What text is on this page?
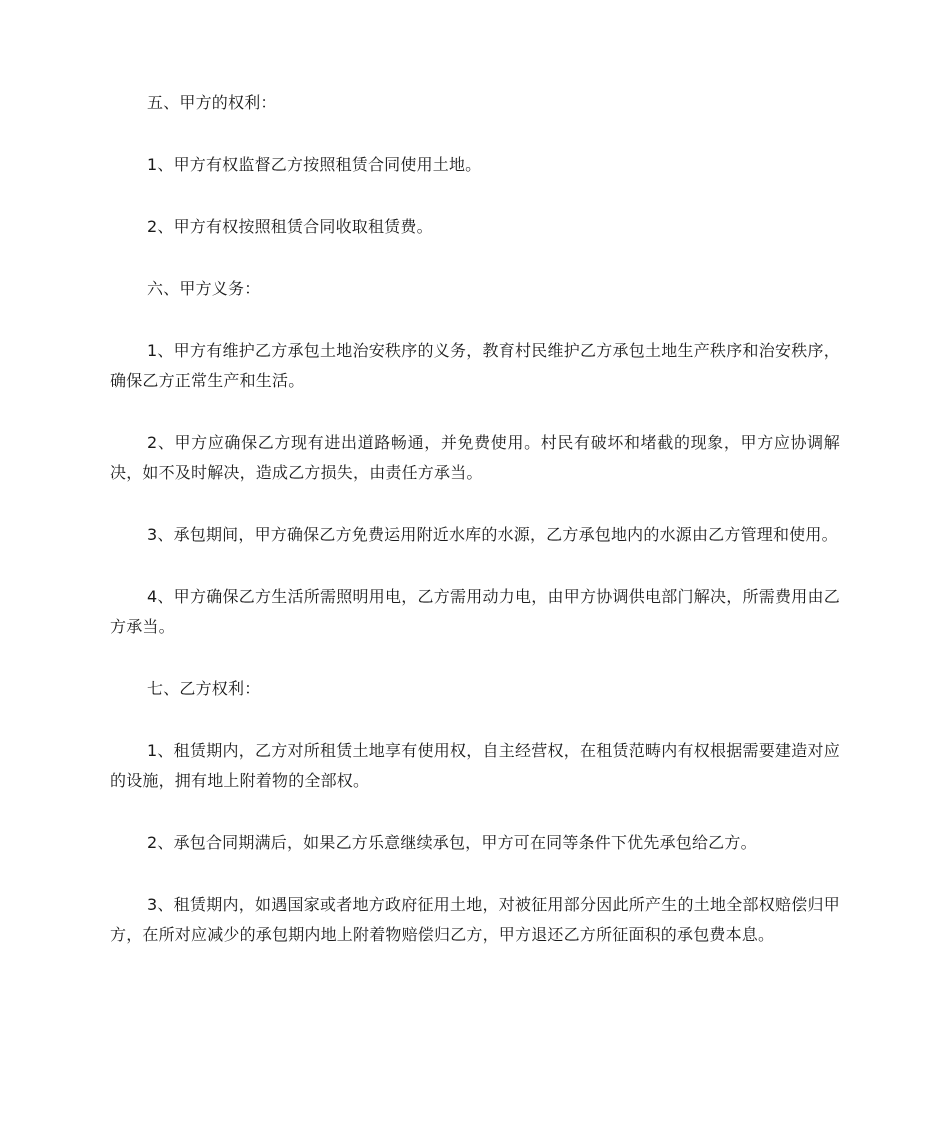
五、甲方的权利：

1、甲方有权监督乙方按照租赁合同使用土地。

2、甲方有权按照租赁合同收取租赁费。

六、甲方义务：

1、甲方有维护乙方承包土地治安秩序的义务，教育村民维护乙方承包土地生产秩序和治安秩序，确保乙方正常生产和生活。

2、甲方应确保乙方现有进出道路畅通，并免费使用。村民有破坏和堵截的现象，甲方应协调解决，如不及时解决，造成乙方损失，由责任方承当。

3、承包期间，甲方确保乙方免费运用附近水库的水源，乙方承包地内的水源由乙方管理和使用。

4、甲方确保乙方生活所需照明用电，乙方需用动力电，由甲方协调供电部门解决，所需费用由乙方承当。

七、乙方权利：

1、租赁期内，乙方对所租赁土地享有使用权，自主经营权，在租赁范畴内有权根据需要建造对应的设施，拥有地上附着物的全部权。

2、承包合同期满后，如果乙方乐意继续承包，甲方可在同等条件下优先承包给乙方。

3、租赁期内，如遇国家或者地方政府征用土地，对被征用部分因此所产生的土地全部权赔偿归甲方，在所对应减少的承包期内地上附着物赔偿归乙方，甲方退还乙方所征面积的承包费本息。
